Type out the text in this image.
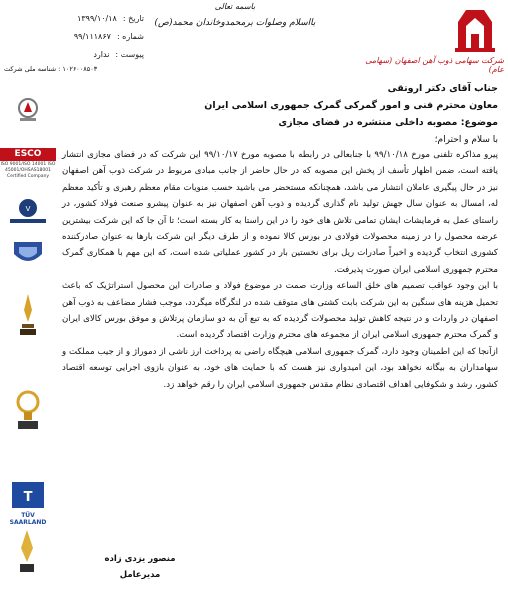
شرکت سهامی ذوب آهن اصفهان (سهامی عام)
باسمه تعالی
بااسلام وصلوات برمحمدوخاندان محمد(ص)
تاریخ :
۱۳۹۹/۱۰/۱۸
شماره :
۹۹/۱۱۱۸۶۷
پیوست :
ندارد
۱۰۲۶۰۰۸۵۰۳ : شناسه ملی شرکت
ESCO
ISO 9001/ISO 14001 ISO 45001/OHSAS18001 Certified Company
V
T
TÜV SAARLAND
جناب آقای دکتر اروتقی
معاون محترم فنی و امور گمرکی گمرک جمهوری اسلامی ایران
موضوع: مصوبه داخلی منتشره در فضای مجازی
با سلام و احترام؛

پیرو مذاکره تلفنی مورخ ۹۹/۱۰/۱۸ با جنابعالی در رابطه با مصوبه مورخ ۹۹/۱۰/۱۷ این شرکت که در فضای مجازی انتشار یافته است، ضمن اظهار تأسف از پخش این مصوبه که در حال حاضر از جانب مبادی مربوط در شرکت ذوب آهن اصفهان نیز در حال پیگیری عاملان انتشار می باشد، همچنانکه مستحضر می باشید حسب منویات مقام معظم رهبری و تأکید معظم له، امسال به عنوان سال جهش تولید نام گذاری گردیده و ذوب آهن اصفهان نیز به عنوان پیشرو صنعت فولاد کشور، در راستای عمل به فرمایشات ایشان تمامی تلاش های خود را در این راستا به کار بسته است؛ تا آن جا که این شرکت بیشترین عرضه محصول را در زمینه محصولات فولادی در بورس کالا نموده و از طرف دیگر این شرکت بارها به عنوان صادرکننده کشوری انتخاب گردیده و اخیراً صادرات ریل برای نخستین بار در کشور عملیاتی شده است، که این مهم با همکاری گمرک محترم جمهوری اسلامی ایران صورت پذیرفت.

با این وجود عواقب تصمیم های خلق الساعه وزارت صمت در موضوع فولاد و صادرات این محصول استراتژیک که باعث تحمیل هزینه های سنگین به این شرکت بابت کشتی های متوقف شده در لنگرگاه میگردد، موجب فشار مضاعف به ذوب آهن اصفهان در واردات و در نتیجه کاهش تولید محصولات گردیده که به تبع آن به دو سازمان پرتلاش و موفق بورس کالای ایران و گمرک محترم جمهوری اسلامی ایران از مجموعه های محترم وزارت اقتصاد گردیده است.

ازآنجا که این اطمینان وجود دارد، گمرک جمهوری اسلامی هیچگاه راضی به پرداخت ارز ناشی از دموراژ و از جیب مملکت و سهامداران به بیگانه نخواهد بود، این امیدواری نیز هست که با حمایت های خود، به عنوان بازوی اجرایی توسعه اقتصاد کشور، رشد و شکوفایی اهداف اقتصادی نظام مقدس جمهوری اسلامی ایران را رقم خواهد زد.

منصور یزدی زاده
مدیرعامل
